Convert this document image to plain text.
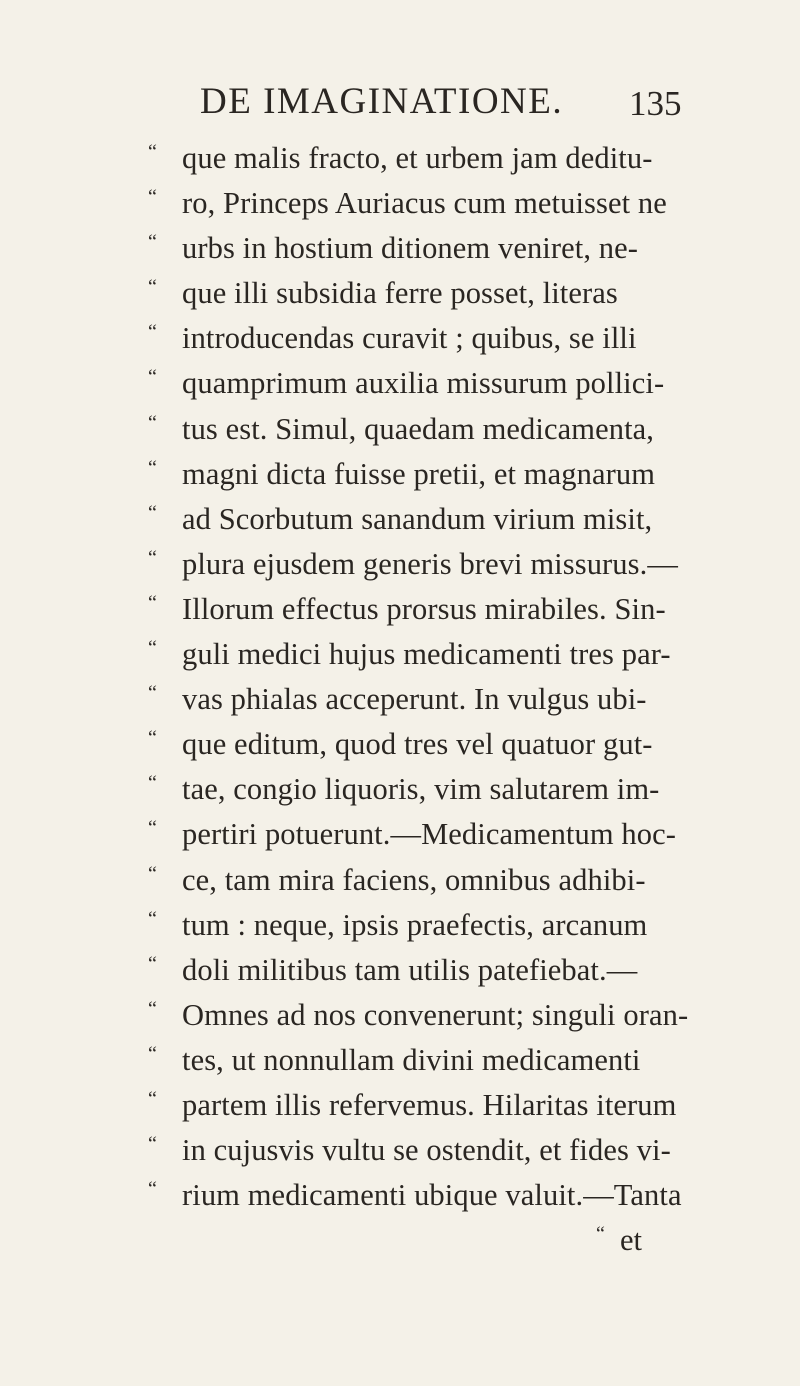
DE IMAGINATIONE. 135
“ que malis fracto, et urbem jam deditu-
“ ro, Princeps Auriacus cum metuisset ne
“ urbs in hostium ditionem veniret, ne-
“ que illi subsidia ferre posset, literas
“ introducendas curavit ; quibus, se illi
“ quamprimum auxilia missurum pollici-
“ tus est. Simul, quaedam medicamenta,
“ magni dicta fuisse pretii, et magnarum
“ ad Scorbutum sanandum virium misit,
“ plura ejusdem generis brevi missurus.—
“ Illorum effectus prorsus mirabiles. Sin-
“ guli medici hujus medicamenti tres par-
“ vas phialas acceperunt. In vulgus ubi-
“ que editum, quod tres vel quatuor gut-
“ tae, congio liquoris, vim salutarem im-
“ pertiri potuerunt.—Medicamentum hoc-
“ ce, tam mira faciens, omnibus adhibi-
“ tum : neque, ipsis praefectis, arcanum
“ doli militibus tam utilis patefiebat.—
“ Omnes ad nos convenerunt; singuli oran-
“ tes, ut nonnullam divini medicamenti
“ partem illis refervemus. Hilaritas iterum
“ in cujusvis vultu se ostendit, et fides vi-
“ rium medicamenti ubique valuit.—Tanta
“ et
